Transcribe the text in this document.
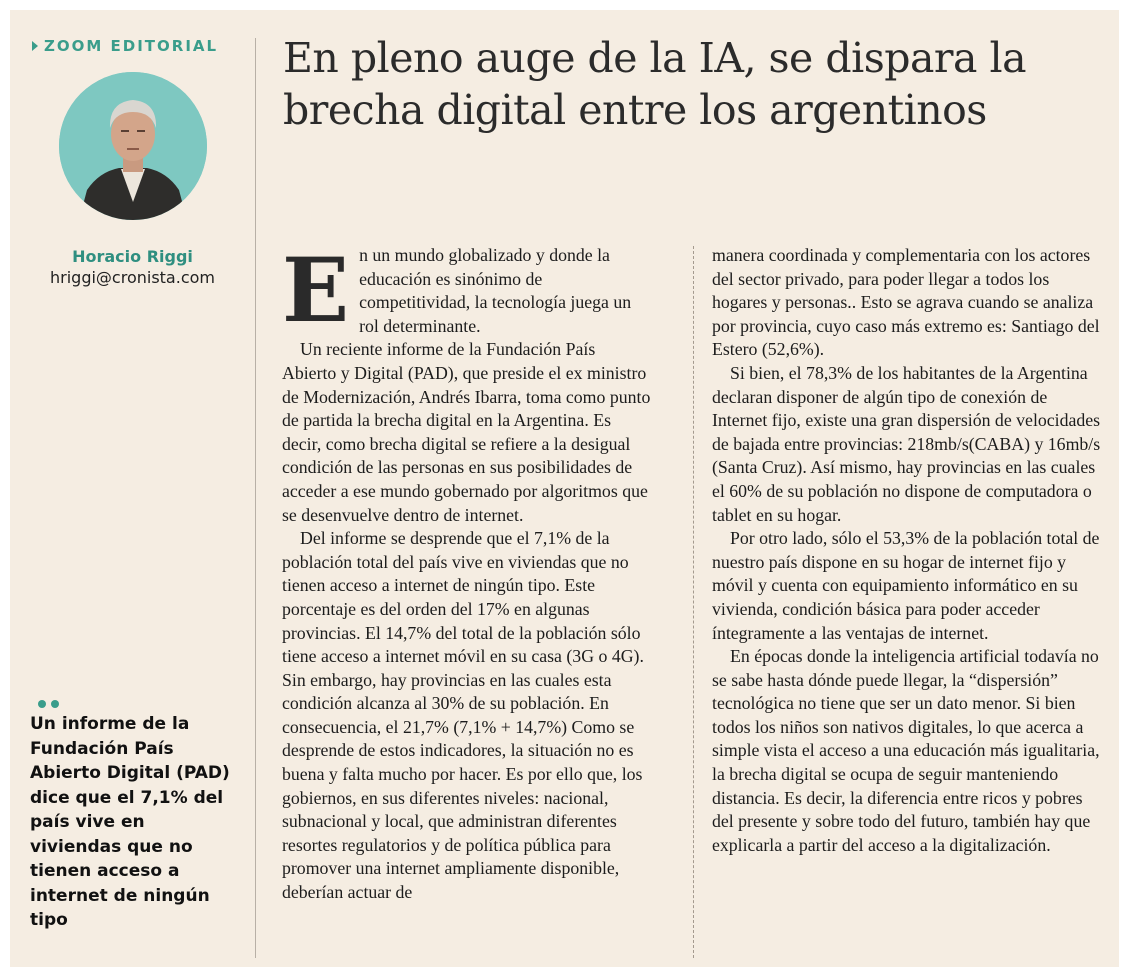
ZOOM EDITORIAL
Horacio Riggi
hriggi@cronista.com
Un informe de la Fundación País Abierto Digital (PAD) dice que el 7,1% del país vive en viviendas que no tienen acceso a internet de ningún tipo
En pleno auge de la IA, se dispara la brecha digital entre los argentinos

En un mundo globalizado y donde la educación es sinónimo de competitividad, la tecnología juega un rol determinante.

Un reciente informe de la Fundación País Abierto y Digital (PAD), que preside el ex ministro de Modernización, Andrés Ibarra, toma como punto de partida la brecha digital en la Argentina. Es decir, como brecha digital se refiere a la desigual condición de las personas en sus posibilidades de acceder a ese mundo gobernado por algoritmos que se desenvuelve dentro de internet.

Del informe se desprende que el 7,1% de la población total del país vive en viviendas que no tienen acceso a internet de ningún tipo. Este porcentaje es del orden del 17% en algunas provincias. El 14,7% del total de la población sólo tiene acceso a internet móvil en su casa (3G o 4G). Sin embargo, hay provincias en las cuales esta condición alcanza al 30% de su población. En consecuencia, el 21,7% (7,1% + 14,7%) Como se desprende de estos indicadores, la situación no es buena y falta mucho por hacer. Es por ello que, los gobiernos, en sus diferentes niveles: nacional, subnacional y local, que administran diferentes resortes regulatorios y de política pública para promover una internet ampliamente disponible, deberían actuar de

manera coordinada y complementaria con los actores del sector privado, para poder llegar a todos los hogares y personas.. Esto se agrava cuando se analiza por provincia, cuyo caso más extremo es: Santiago del Estero (52,6%).

Si bien, el 78,3% de los habitantes de la Argentina declaran disponer de algún tipo de conexión de Internet fijo, existe una gran dispersión de velocidades de bajada entre provincias: 218mb/s(CABA) y 16mb/s (Santa Cruz). Así mismo, hay provincias en las cuales el 60% de su población no dispone de computadora o tablet en su hogar.

Por otro lado, sólo el 53,3% de la población total de nuestro país dispone en su hogar de internet fijo y móvil y cuenta con equipamiento informático en su vivienda, condición básica para poder acceder íntegramente a las ventajas de internet.

En épocas donde la inteligencia artificial todavía no se sabe hasta dónde puede llegar, la “dispersión” tecnológica no tiene que ser un dato menor. Si bien todos los niños son nativos digitales, lo que acerca a simple vista el acceso a una educación más igualitaria, la brecha digital se ocupa de seguir manteniendo distancia. Es decir, la diferencia entre ricos y pobres del presente y sobre todo del futuro, también hay que explicarla a partir del acceso a la digitalización.
